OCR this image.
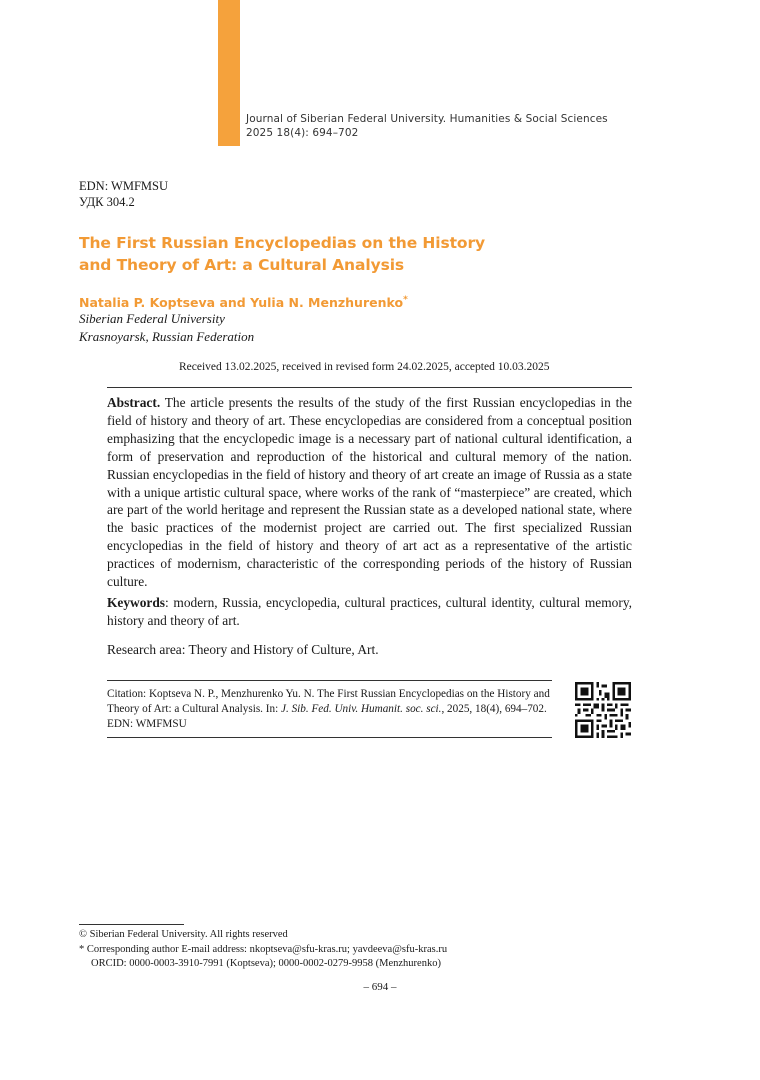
Journal of Siberian Federal University. Humanities & Social Sciences
2025 18(4): 694–702
EDN: WMFMSU
УДК 304.2
The First Russian Encyclopedias on the History
and Theory of Art: a Cultural Analysis

Natalia P. Koptseva and Yulia N. Menzhurenko*

Siberian Federal University
Krasnoyarsk, Russian Federation
Received 13.02.2025, received in revised form 24.02.2025, accepted 10.03.2025

Abstract. The article presents the results of the study of the first Russian encyclopedias in the field of history and theory of art. These encyclopedias are considered from a conceptual position emphasizing that the encyclopedic image is a necessary part of national cultural identification, a form of preservation and reproduction of the historical and cultural memory of the nation. Russian encyclopedias in the field of history and theory of art create an image of Russia as a state with a unique artistic cultural space, where works of the rank of “masterpiece” are created, which are part of the world heritage and represent the Russian state as a developed national state, where the basic practices of the modernist project are carried out. The first specialized Russian encyclopedias in the field of history and theory of art act as a representative of the artistic practices of modernism, characteristic of the corresponding periods of the history of Russian culture.

Keywords: modern, Russia, encyclopedia, cultural practices, cultural identity, cultural memory, history and theory of art.

Research area: Theory and History of Culture, Art.

Citation: Koptseva N. P., Menzhurenko Yu. N. The First Russian Encyclopedias on the History and Theory of Art: a Cultural Analysis. In: J. Sib. Fed. Univ. Humanit. soc. sci., 2025, 18(4), 694–702. EDN: WMFMSU

© Siberian Federal University. All rights reserved
* Corresponding author E-mail address: nkoptseva@sfu-kras.ru; yavdeeva@sfu-kras.ru
ORCID: 0000-0003-3910-7991 (Koptseva); 0000-0002-0279-9958 (Menzhurenko)
– 694 –
